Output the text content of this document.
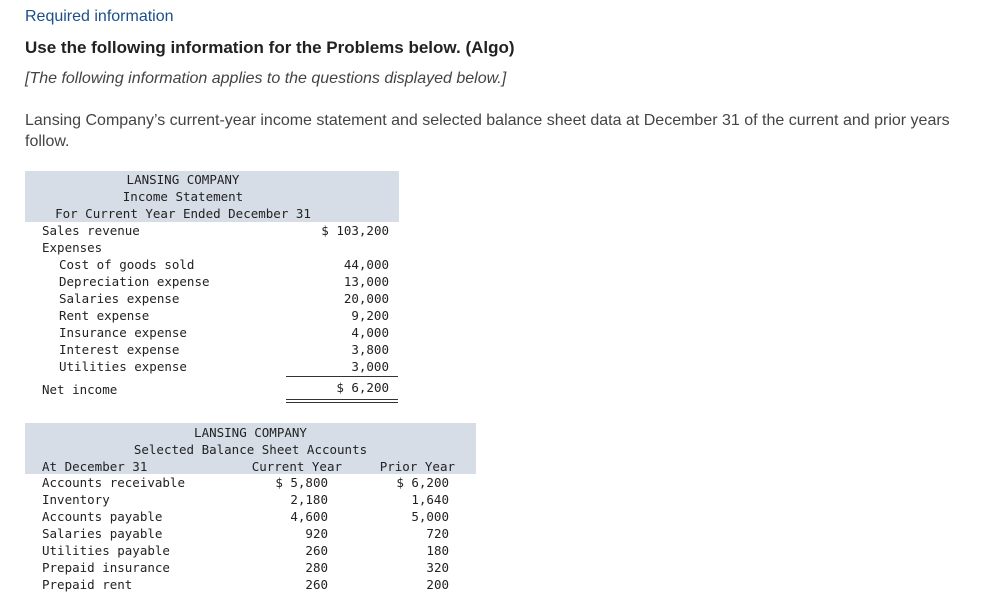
Required information
Use the following information for the Problems below. (Algo)
[The following information applies to the questions displayed below.]
Lansing Company’s current-year income statement and selected balance sheet data at December 31 of the current and prior years follow.
LANSING COMPANY
Income Statement
For Current Year Ended December 31
Sales revenue	$ 103,200
Expenses
Cost of goods sold	44,000
Depreciation expense	13,000
Salaries expense	20,000
Rent expense	9,200
Insurance expense	4,000
Interest expense	3,800
Utilities expense	3,000
Net income	$ 6,200
LANSING COMPANY
Selected Balance Sheet Accounts
At December 31	Current Year	Prior Year
Accounts receivable	$ 5,800	$ 6,200
Inventory	2,180	1,640
Accounts payable	4,600	5,000
Salaries payable	920	720
Utilities payable	260	180
Prepaid insurance	280	320
Prepaid rent	260	200
